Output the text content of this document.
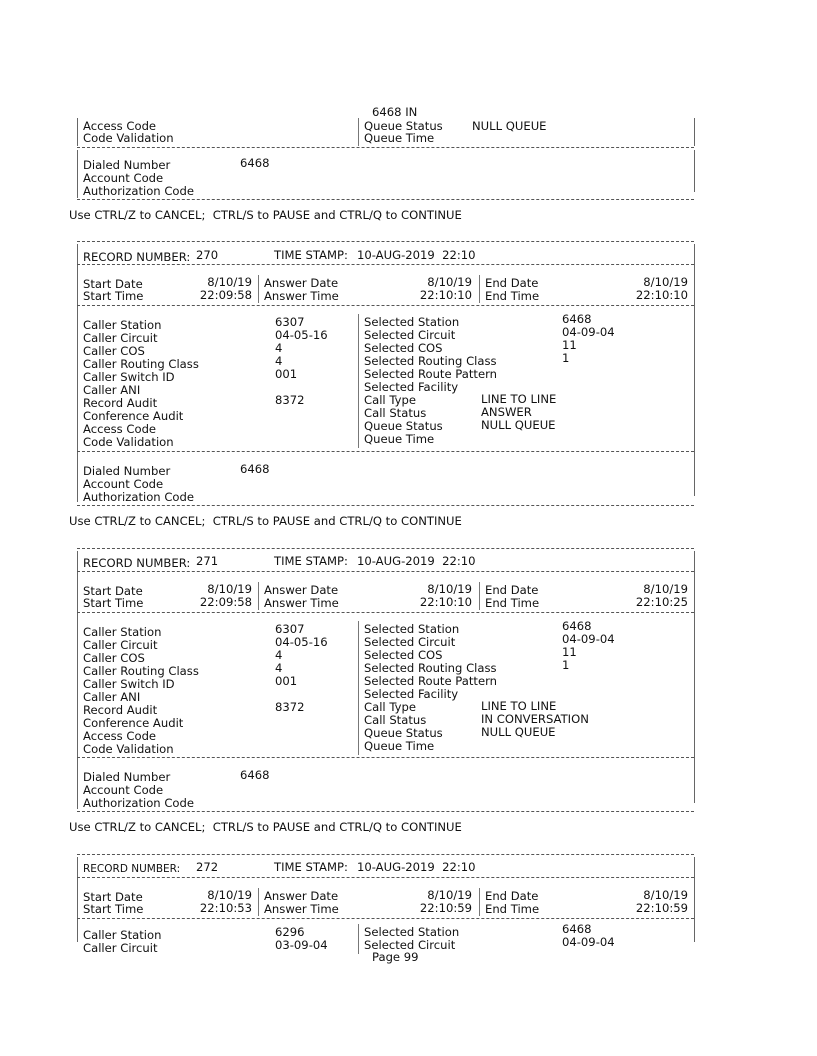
6468 IN
Access Code
Code Validation
Queue Status	NULL QUEUE
Queue Time
Dialed Number	6468
Account Code
Authorization Code
Use CTRL/Z to CANCEL;  CTRL/S to PAUSE and CTRL/Q to CONTINUE
RECORD NUMBER: 270	TIME STAMP: 10-AUG-2019  22:10
Start Date	8/10/19
Start Time	22:09:58
Answer Date	8/10/19
Answer Time	22:10:10
End Date	8/10/19
End Time	22:10:10
Caller Station	6307
Caller Circuit	04-05-16
Caller COS	4
Caller Routing Class	4
Caller Switch ID	001
Caller ANI
Record Audit	8372
Conference Audit
Access Code
Code Validation
Selected Station	6468
Selected Circuit	04-09-04
Selected COS	11
Selected Routing Class	1
Selected Route Pattern
Selected Facility
Call Type	LINE TO LINE
Call Status	ANSWER
Queue Status	NULL QUEUE
Queue Time
Dialed Number	6468
Account Code
Authorization Code
Use CTRL/Z to CANCEL;  CTRL/S to PAUSE and CTRL/Q to CONTINUE
RECORD NUMBER: 271	TIME STAMP: 10-AUG-2019  22:10
Start Date	8/10/19
Start Time	22:09:58
Answer Date	8/10/19
Answer Time	22:10:10
End Date	8/10/19
End Time	22:10:25
Caller Station	6307
Caller Circuit	04-05-16
Caller COS	4
Caller Routing Class	4
Caller Switch ID	001
Caller ANI
Record Audit	8372
Conference Audit
Access Code
Code Validation
Selected Station	6468
Selected Circuit	04-09-04
Selected COS	11
Selected Routing Class	1
Selected Route Pattern
Selected Facility
Call Type	LINE TO LINE
Call Status	IN CONVERSATION
Queue Status	NULL QUEUE
Queue Time
Dialed Number	6468
Account Code
Authorization Code
Use CTRL/Z to CANCEL;  CTRL/S to PAUSE and CTRL/Q to CONTINUE
RECORD NUMBER: 272	TIME STAMP: 10-AUG-2019  22:10
Start Date	8/10/19
Start Time	22:10:53
Answer Date	8/10/19
Answer Time	22:10:59
End Date	8/10/19
End Time	22:10:59
Caller Station	6296
Caller Circuit	03-09-04
Selected Station	6468
Selected Circuit	04-09-04
Page 99
